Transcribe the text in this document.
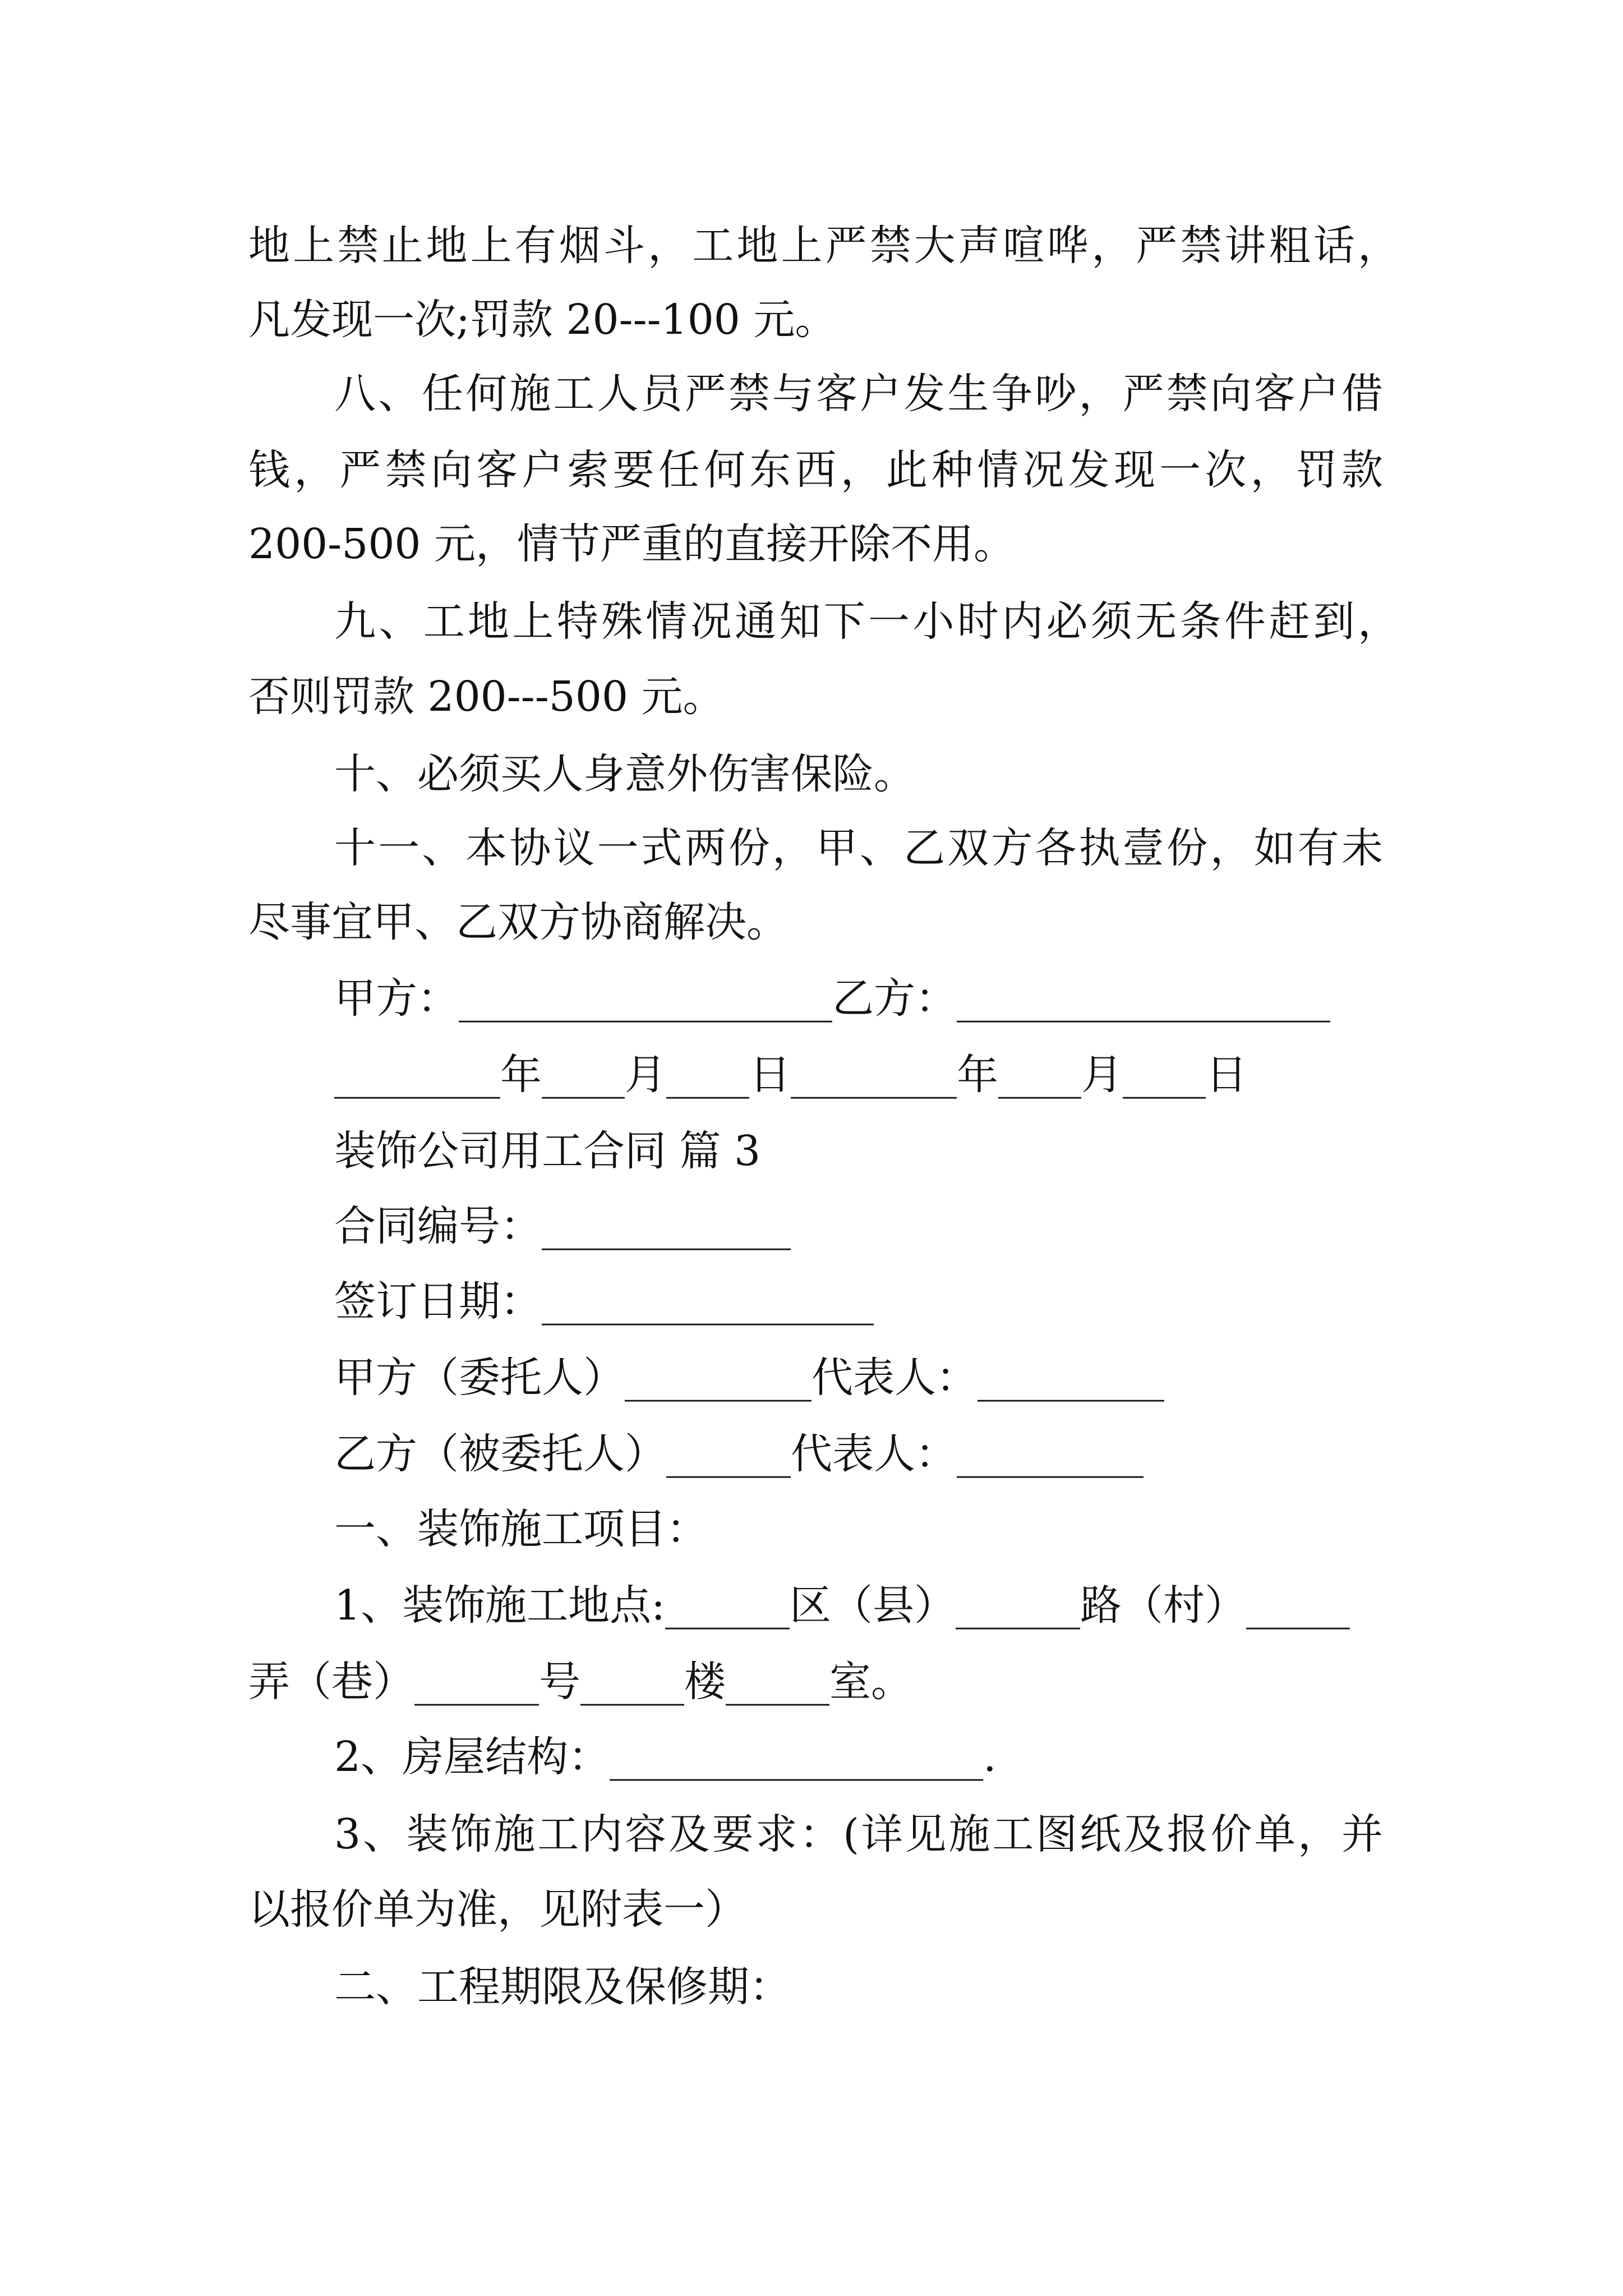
地上禁止地上有烟斗，工地上严禁大声喧哗，严禁讲粗话，
凡发现一次;罚款 20---100 元。
八、任何施工人员严禁与客户发生争吵，严禁向客户借
钱，严禁向客户索要任何东西，此种情况发现一次，罚款
200-500 元，情节严重的直接开除不用。
九、工地上特殊情况通知下一小时内必须无条件赶到，
否则罚款 200---500 元。
十、必须买人身意外伤害保险。
十一、本协议一式两份，甲、乙双方各执壹份，如有未
尽事宜甲、乙双方协商解决。
甲方：__________________乙方：__________________
________年____月____日________年____月____日
装饰公司用工合同 篇 3
合同编号：____________
签订日期：________________
甲方（委托人）_________代表人：_________
乙方（被委托人）______代表人：_________
一、装饰施工项目：
1、装饰施工地点:______区（县）______路（村）_____
弄（巷）______号_____楼_____室。
2、房屋结构：__________________.
3、装饰施工内容及要求：(详见施工图纸及报价单，并
以报价单为准，见附表一）
二、工程期限及保修期：
